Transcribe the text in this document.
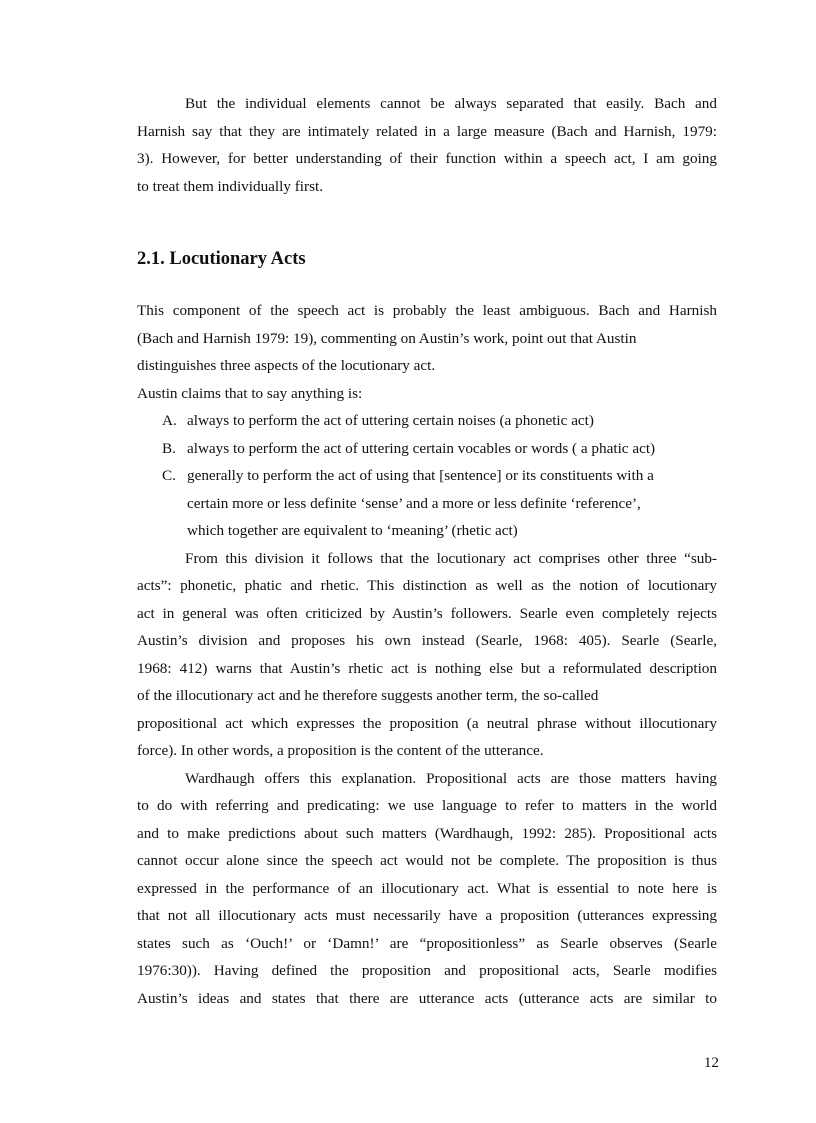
But the individual elements cannot be always separated that easily. Bach and
Harnish say that they are intimately related in a large measure (Bach and Harnish, 1979:
3). However, for better understanding of their function within a speech act, I am going
to treat them individually first.
2.1. Locutionary Acts
This component of the speech act is probably the least ambiguous. Bach and Harnish
(Bach and Harnish 1979: 19), commenting on Austin’s work, point out that Austin
distinguishes three aspects of the locutionary act.
Austin claims that to say anything is:
A. always to perform the act of uttering certain noises (a phonetic act)
B. always to perform the act of uttering certain vocables or words ( a phatic act)
C. generally to perform the act of using that [sentence] or its constituents with a
certain more or less definite ‘sense’ and a more or less definite ‘reference’,
which together are equivalent to ‘meaning’ (rhetic act)
From this division it follows that the locutionary act comprises other three “sub-
acts”: phonetic, phatic and rhetic. This distinction as well as the notion of locutionary
act in general was often criticized by Austin’s followers. Searle even completely rejects
Austin’s division and proposes his own instead (Searle, 1968: 405). Searle (Searle,
1968: 412) warns that Austin’s rhetic act is nothing else but a reformulated description
of the illocutionary act and he therefore suggests another term, the so-called
propositional act which expresses the proposition (a neutral phrase without illocutionary
force). In other words, a proposition is the content of the utterance.
Wardhaugh offers this explanation. Propositional acts are those matters having
to do with referring and predicating: we use language to refer to matters in the world
and to make predictions about such matters (Wardhaugh, 1992: 285). Propositional acts
cannot occur alone since the speech act would not be complete. The proposition is thus
expressed in the performance of an illocutionary act. What is essential to note here is
that not all illocutionary acts must necessarily have a proposition (utterances expressing
states such as ‘Ouch!’ or ‘Damn!’ are “propositionless” as Searle observes (Searle
1976:30)). Having defined the proposition and propositional acts, Searle modifies
Austin’s ideas and states that there are utterance acts (utterance acts are similar to
12
